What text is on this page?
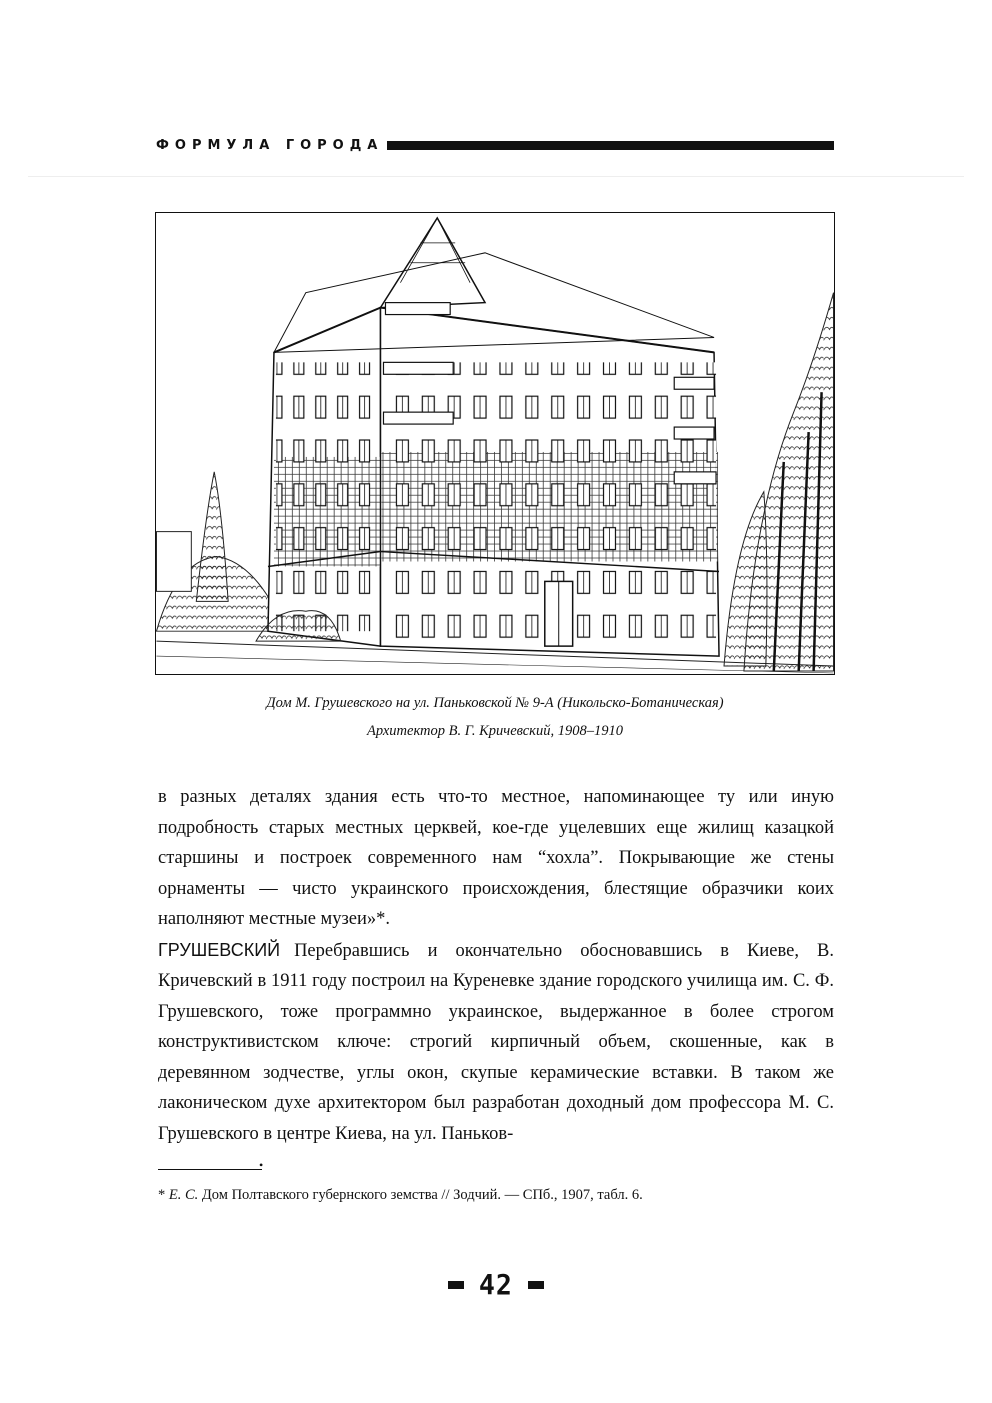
ФОРМУЛА ГОРОДА
Дом М. Грушевского на ул. Паньковской № 9-А (Никольско-Ботаническая)
Архитектор В. Г. Кричевский, 1908–1910

в разных деталях здания есть что-то местное, напоминающее ту или иную подробность старых местных церквей, кое-где уцелевших еще жилищ казацкой старшины и построек современного нам “хохла”. Покрывающие же стены орнаменты — чисто украинского происхождения, блестящие образчики коих наполняют местные музеи»*.

ГРУШЕВСКИЙ Перебравшись и окончательно обосновавшись в Киеве, В. Кричевский в 1911 году построил на Куреневке здание городского училища им. С. Ф. Грушевского, тоже программно украинское, выдержанное в более строгом конструктивистском ключе: строгий кирпичный объем, скошенные, как в деревянном зодчестве, углы окон, скупые керамические вставки. В таком же лаконическом духе архитектором был разработан доходный дом профессора М. С. Грушевского в центре Киева, на ул. Паньков-

•
* Е. С. Дом Полтавского губернского земства // Зодчий. — СПб., 1907, табл. 6.
42
